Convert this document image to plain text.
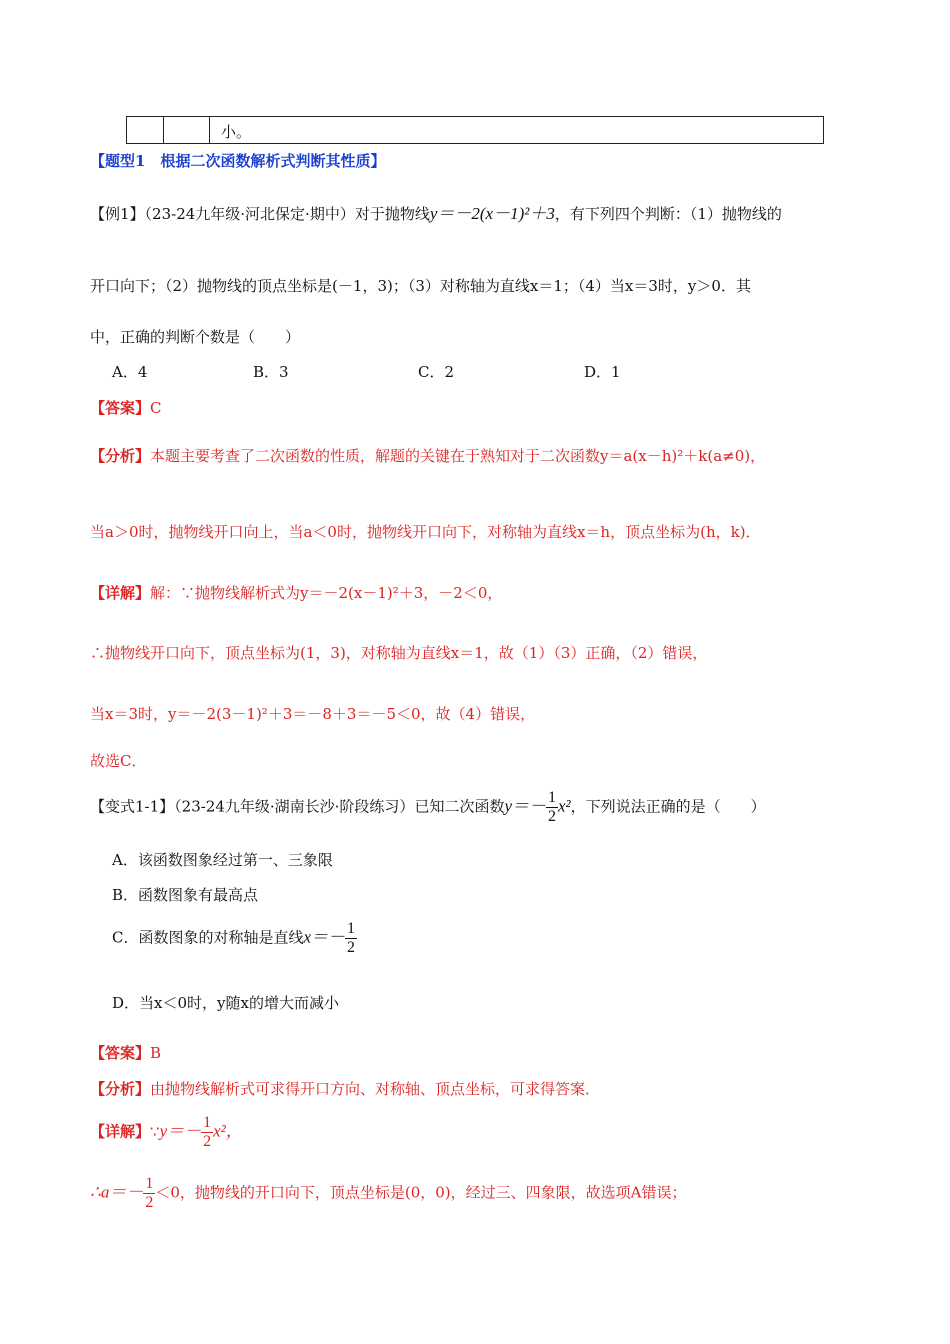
小。
【题型1　根据二次函数解析式判断其性质】
【例1】（23-24九年级·河北保定·期中）对于抛物线y＝－2(x－1)²＋3，有下列四个判断：（1）抛物线的
开口向下；（2）抛物线的顶点坐标是(－1，3)；（3）对称轴为直线x＝1；（4）当x＝3时，y＞0．其
中，正确的判断个数是（　　）
A．4	B．3	C．2	D．1
【答案】C
【分析】本题主要考查了二次函数的性质，解题的关键在于熟知对于二次函数y＝a(x－h)²＋k(a≠0)，
当a＞0时，抛物线开口向上，当a＜0时，抛物线开口向下，对称轴为直线x＝h，顶点坐标为(h，k)．
【详解】解：∵抛物线解析式为y＝－2(x－1)²＋3，－2＜0，
∴抛物线开口向下，顶点坐标为(1，3)，对称轴为直线x＝1，故（1）（3）正确，（2）错误，
当x＝3时，y＝－2(3－1)²＋3＝－8＋3＝－5＜0，故（4）错误，
故选C．
【变式1-1】（23-24九年级·湖南长沙·阶段练习）已知二次函数$y=- \frac{1}{2} x^2$，下列说法正确的是（　　）
A．该函数图象经过第一、三象限
B．函数图象有最高点
C．函数图象的对称轴是直线$x=- \frac{1}{2}$
D．当x＜0时，y随x的增大而减小
【答案】B
【分析】由抛物线解析式可求得开口方向、对称轴、顶点坐标，可求得答案．
【详解】∵y＝－ $\frac{1}{2} x^2$，
∴a＝－ $\frac{1}{2} <0$，抛物线的开口向下，顶点坐标是(0，0)，经过三、四象限，故选项A错误；
